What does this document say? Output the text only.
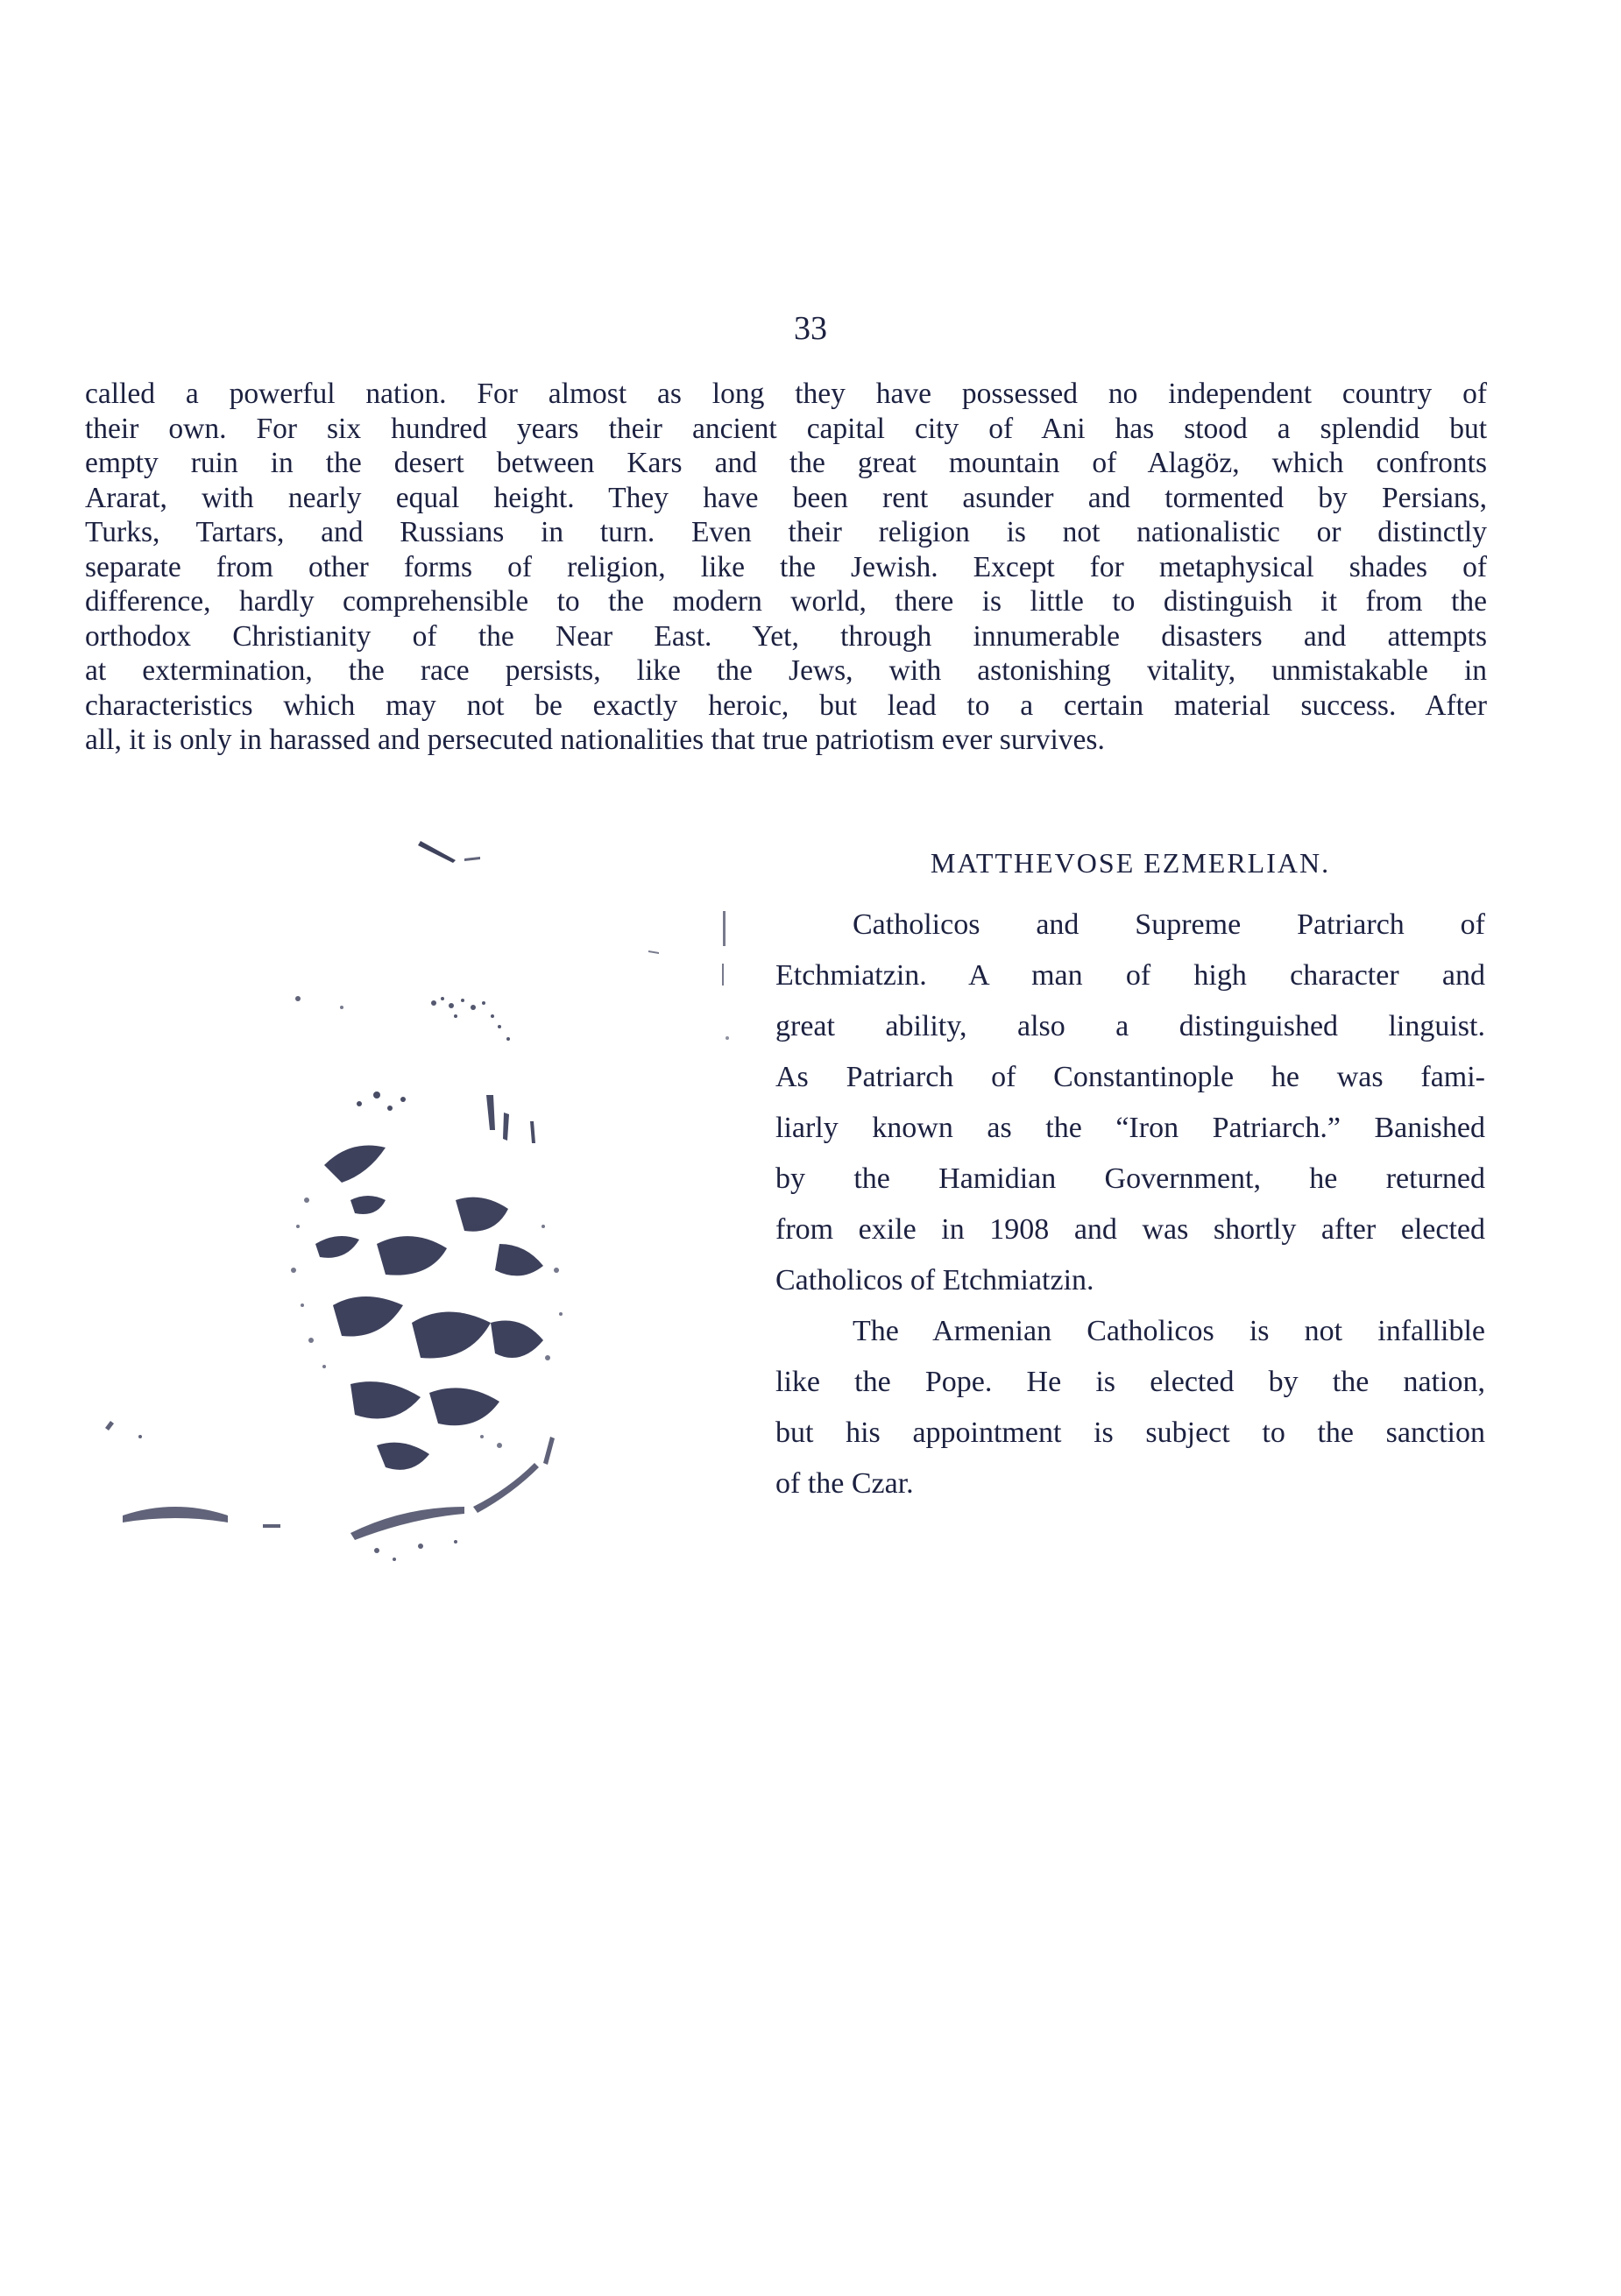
33
called a powerful nation. For almost as long they have possessed no independent country of
their own. For six hundred years their ancient capital city of Ani has stood a splendid but
empty ruin in the desert between Kars and the great mountain of Alagöz, which confronts
Ararat, with nearly equal height. They have been rent asunder and tormented by Persians,
Turks, Tartars, and Russians in turn. Even their religion is not nationalistic or distinctly
separate from other forms of religion, like the Jewish. Except for metaphysical shades of
difference, hardly comprehensible to the modern world, there is little to distinguish it from the
orthodox Christianity of the Near East. Yet, through innumerable disasters and attempts
at extermination, the race persists, like the Jews, with astonishing vitality, unmistakable in
characteristics which may not be exactly heroic, but lead to a certain material success. After
all, it is only in harassed and persecuted nationalities that true patriotism ever survives.
MATTHEVOSE EZMERLIAN.
Catholicos and Supreme Patriarch of
Etchmiatzin. A man of high character and
great ability, also a distinguished linguist.
As Patriarch of Constantinople he was fami-
liarly known as the “Iron Patriarch.” Banished
by the Hamidian Government, he returned
from exile in 1908 and was shortly after elected
Catholicos of Etchmiatzin.
The Armenian Catholicos is not infallible
like the Pope. He is elected by the nation,
but his appointment is subject to the sanction
of the Czar.
